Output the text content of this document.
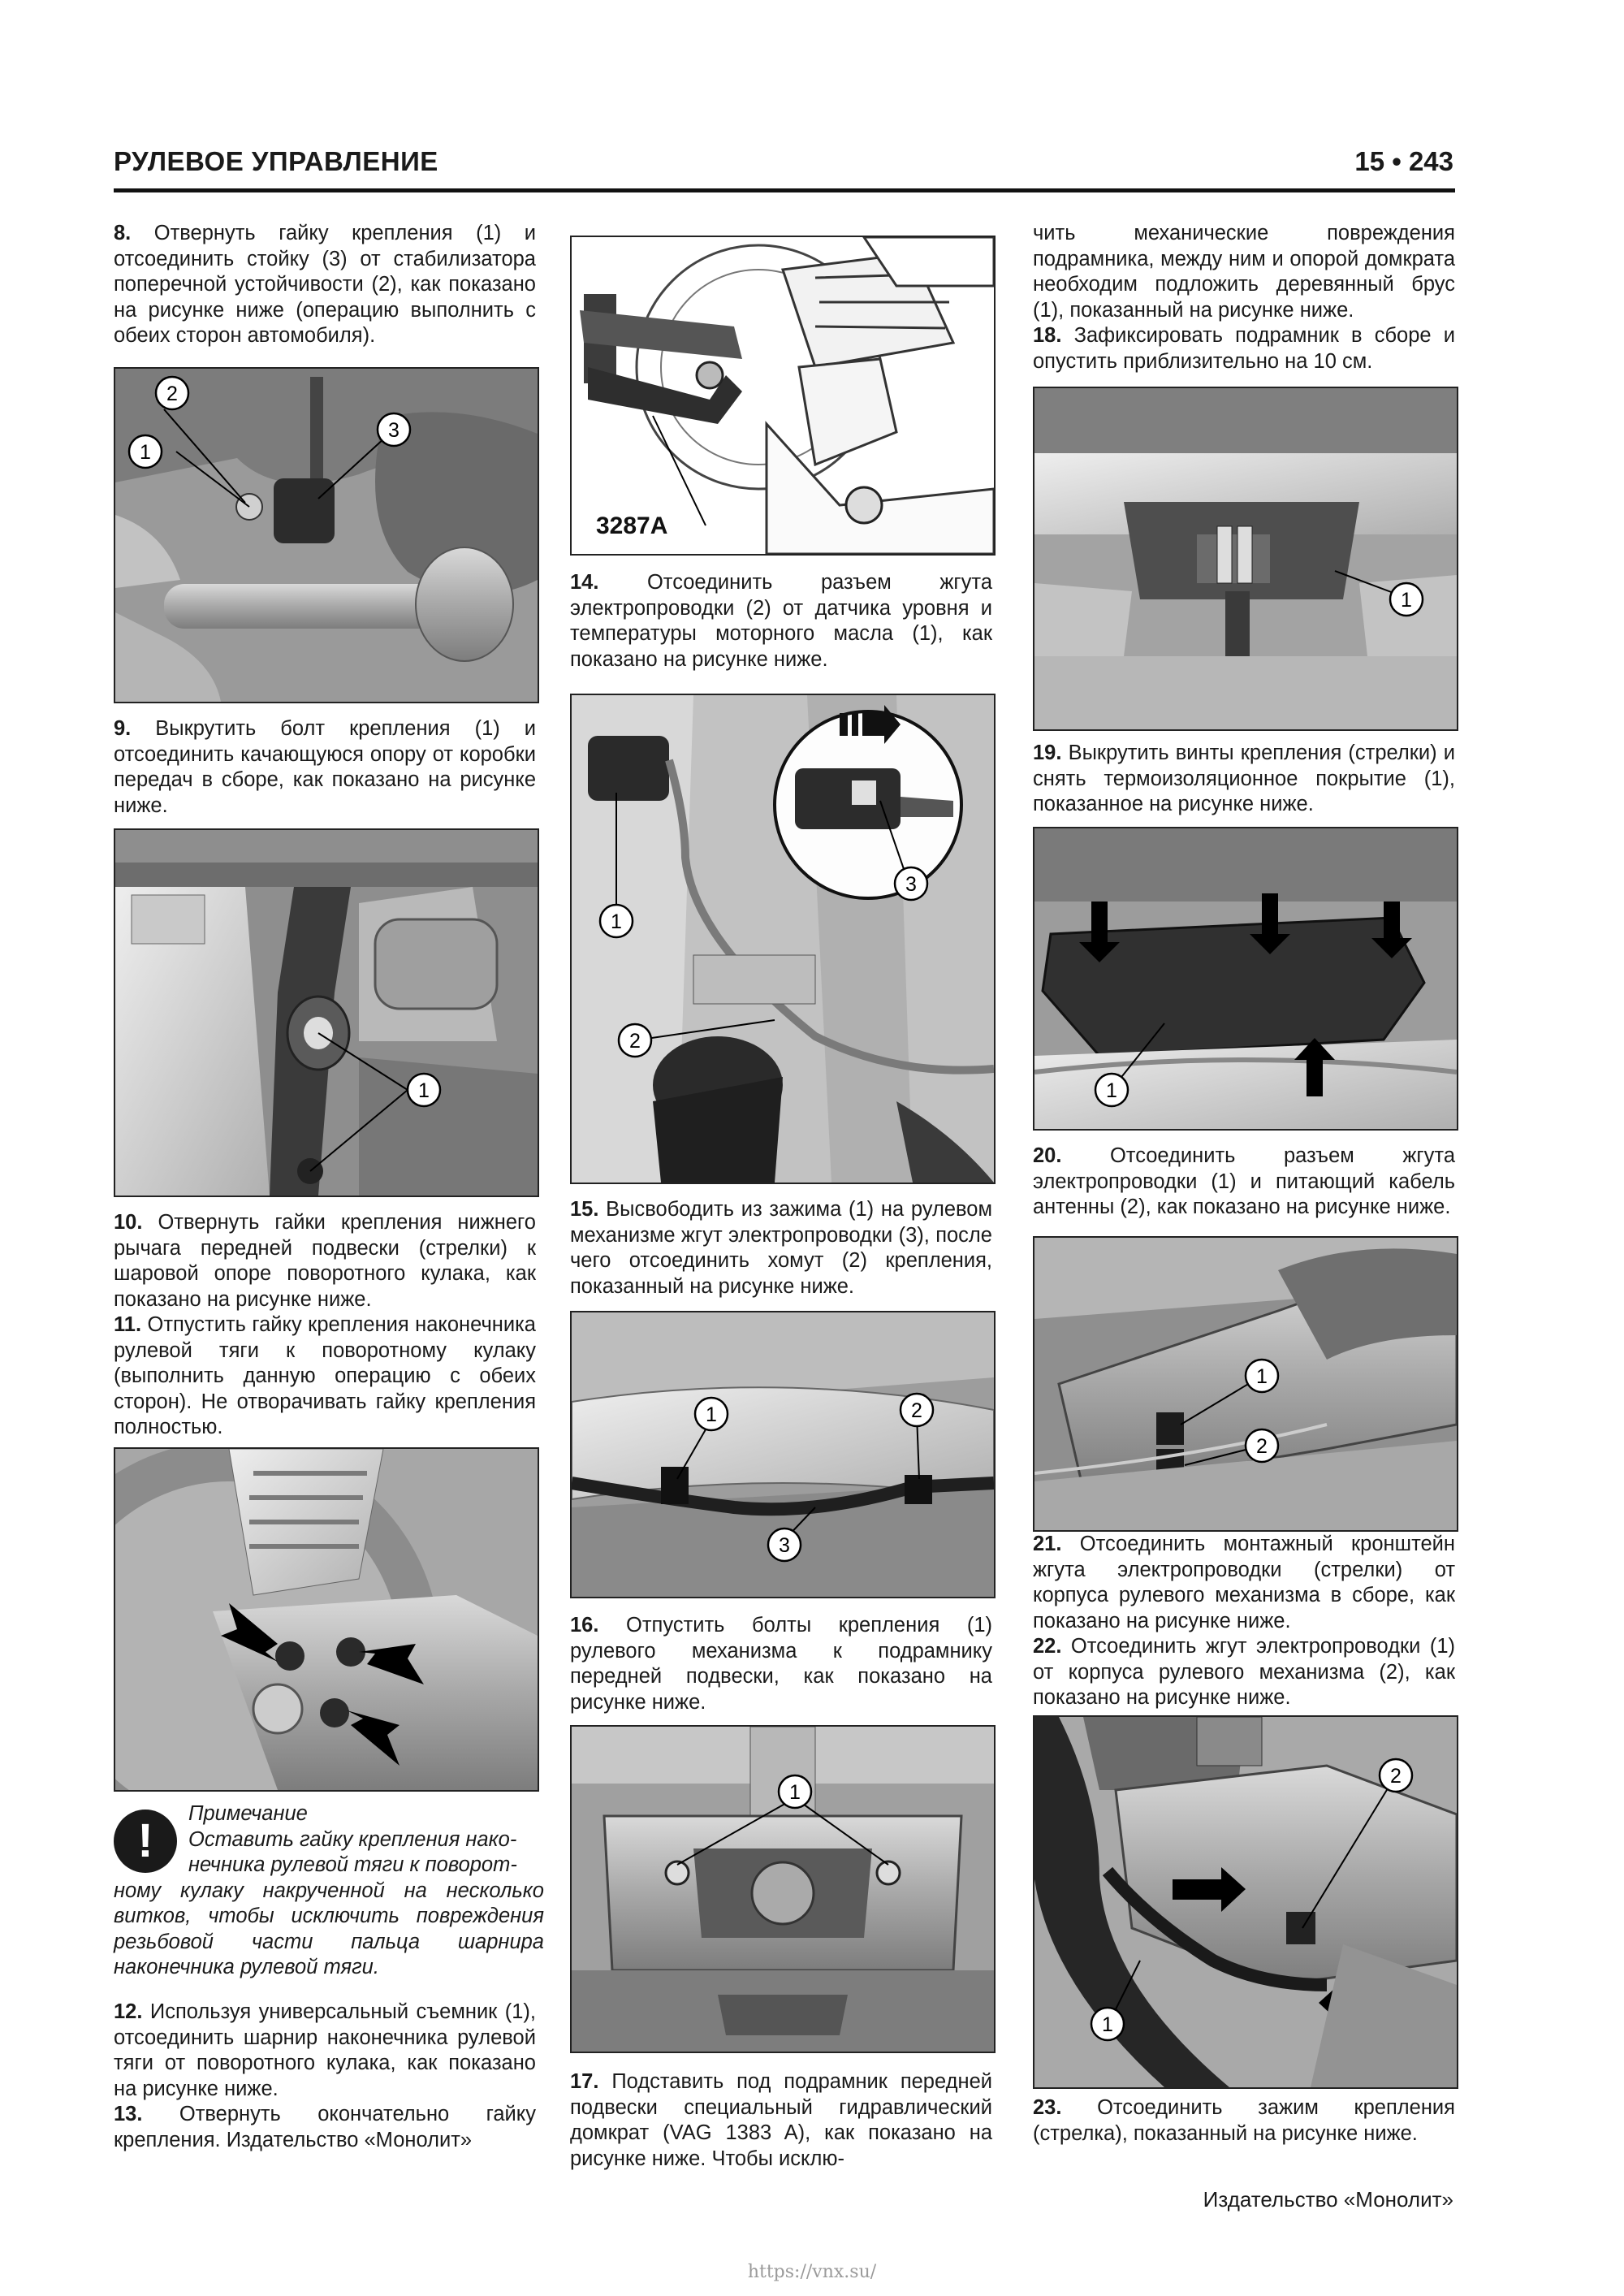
РУЛЕВОЕ УПРАВЛЕНИЕ	15 • 243

8. Отвернуть гайку крепления (1) и отсоединить стойку (3) от стабилизатора поперечной устойчивости (2), как показано на рисунке ниже (операцию выполнить с обеих сторон автомобиля).

1
2
3

9. Выкрутить болт крепления (1) и отсоединить качающуюся опору от коробки передач в сборе, как показано на рисунке ниже.

1

10. Отвернуть гайки крепления нижнего рычага передней подвески (стрелки) к шаровой опоре поворотного кулака, как показано на рисунке ниже.

11. Отпустить гайку крепления наконечника рулевой тяги к поворотному кулаку (выполнить данную операцию с обеих сторон). Не отворачивать гайку крепления полностью.

!
Примечание
Оставить гайку крепления нако-
нечника рулевой тяги к поворот-
ному кулаку накрученной на несколько витков, чтобы исключить повреждения резьбовой части пальца шарнира наконечника рулевой тяги.

12. Используя универсальный съемник (1), отсоединить шарнир наконечника рулевой тяги от поворотного кулака, как показано на рисунке ниже.

13. Отвернуть окончательно гайку крепления. Издательство «Монолит»

3287A

14. Отсоединить разъем жгута электропроводки (2) от датчика уровня и температуры моторного масла (1), как показано на рисунке ниже.

1
2
3

15. Высвободить из зажима (1) на рулевом механизме жгут электропроводки (3), после чего отсоединить хомут (2) крепления, показанный на рисунке ниже.

1	2
3

16. Отпустить болты крепления (1) рулевого механизма к подрамнику передней подвески, как показано на рисунке ниже.

1

17. Подставить под подрамник передней подвески специальный гидравлический домкрат (VAG 1383 A), как показано на рисунке ниже. Чтобы исклю-

чить механические повреждения подрамника, между ним и опорой домкрата необходим подложить деревянный брус (1), показанный на рисунке ниже.

18. Зафиксировать подрамник в сборе и опустить приблизительно на 10 см.

1

19. Выкрутить винты крепления (стрелки) и снять термоизоляционное покрытие (1), показанное на рисунке ниже.

1

20. Отсоединить разъем жгута электропроводки (1) и питающий кабель антенны (2), как показано на рисунке ниже.

1
2

21. Отсоединить монтажный кронштейн жгута электропроводки (стрелки) от корпуса рулевого механизма в сборе, как показано на рисунке ниже.

22. Отсоединить жгут электропроводки (1) от корпуса рулевого механизма (2), как показано на рисунке ниже.

2
1

23. Отсоединить зажим крепления (стрелка), показанный на рисунке ниже.

Издательство «Монолит»
https://vnx.su/
